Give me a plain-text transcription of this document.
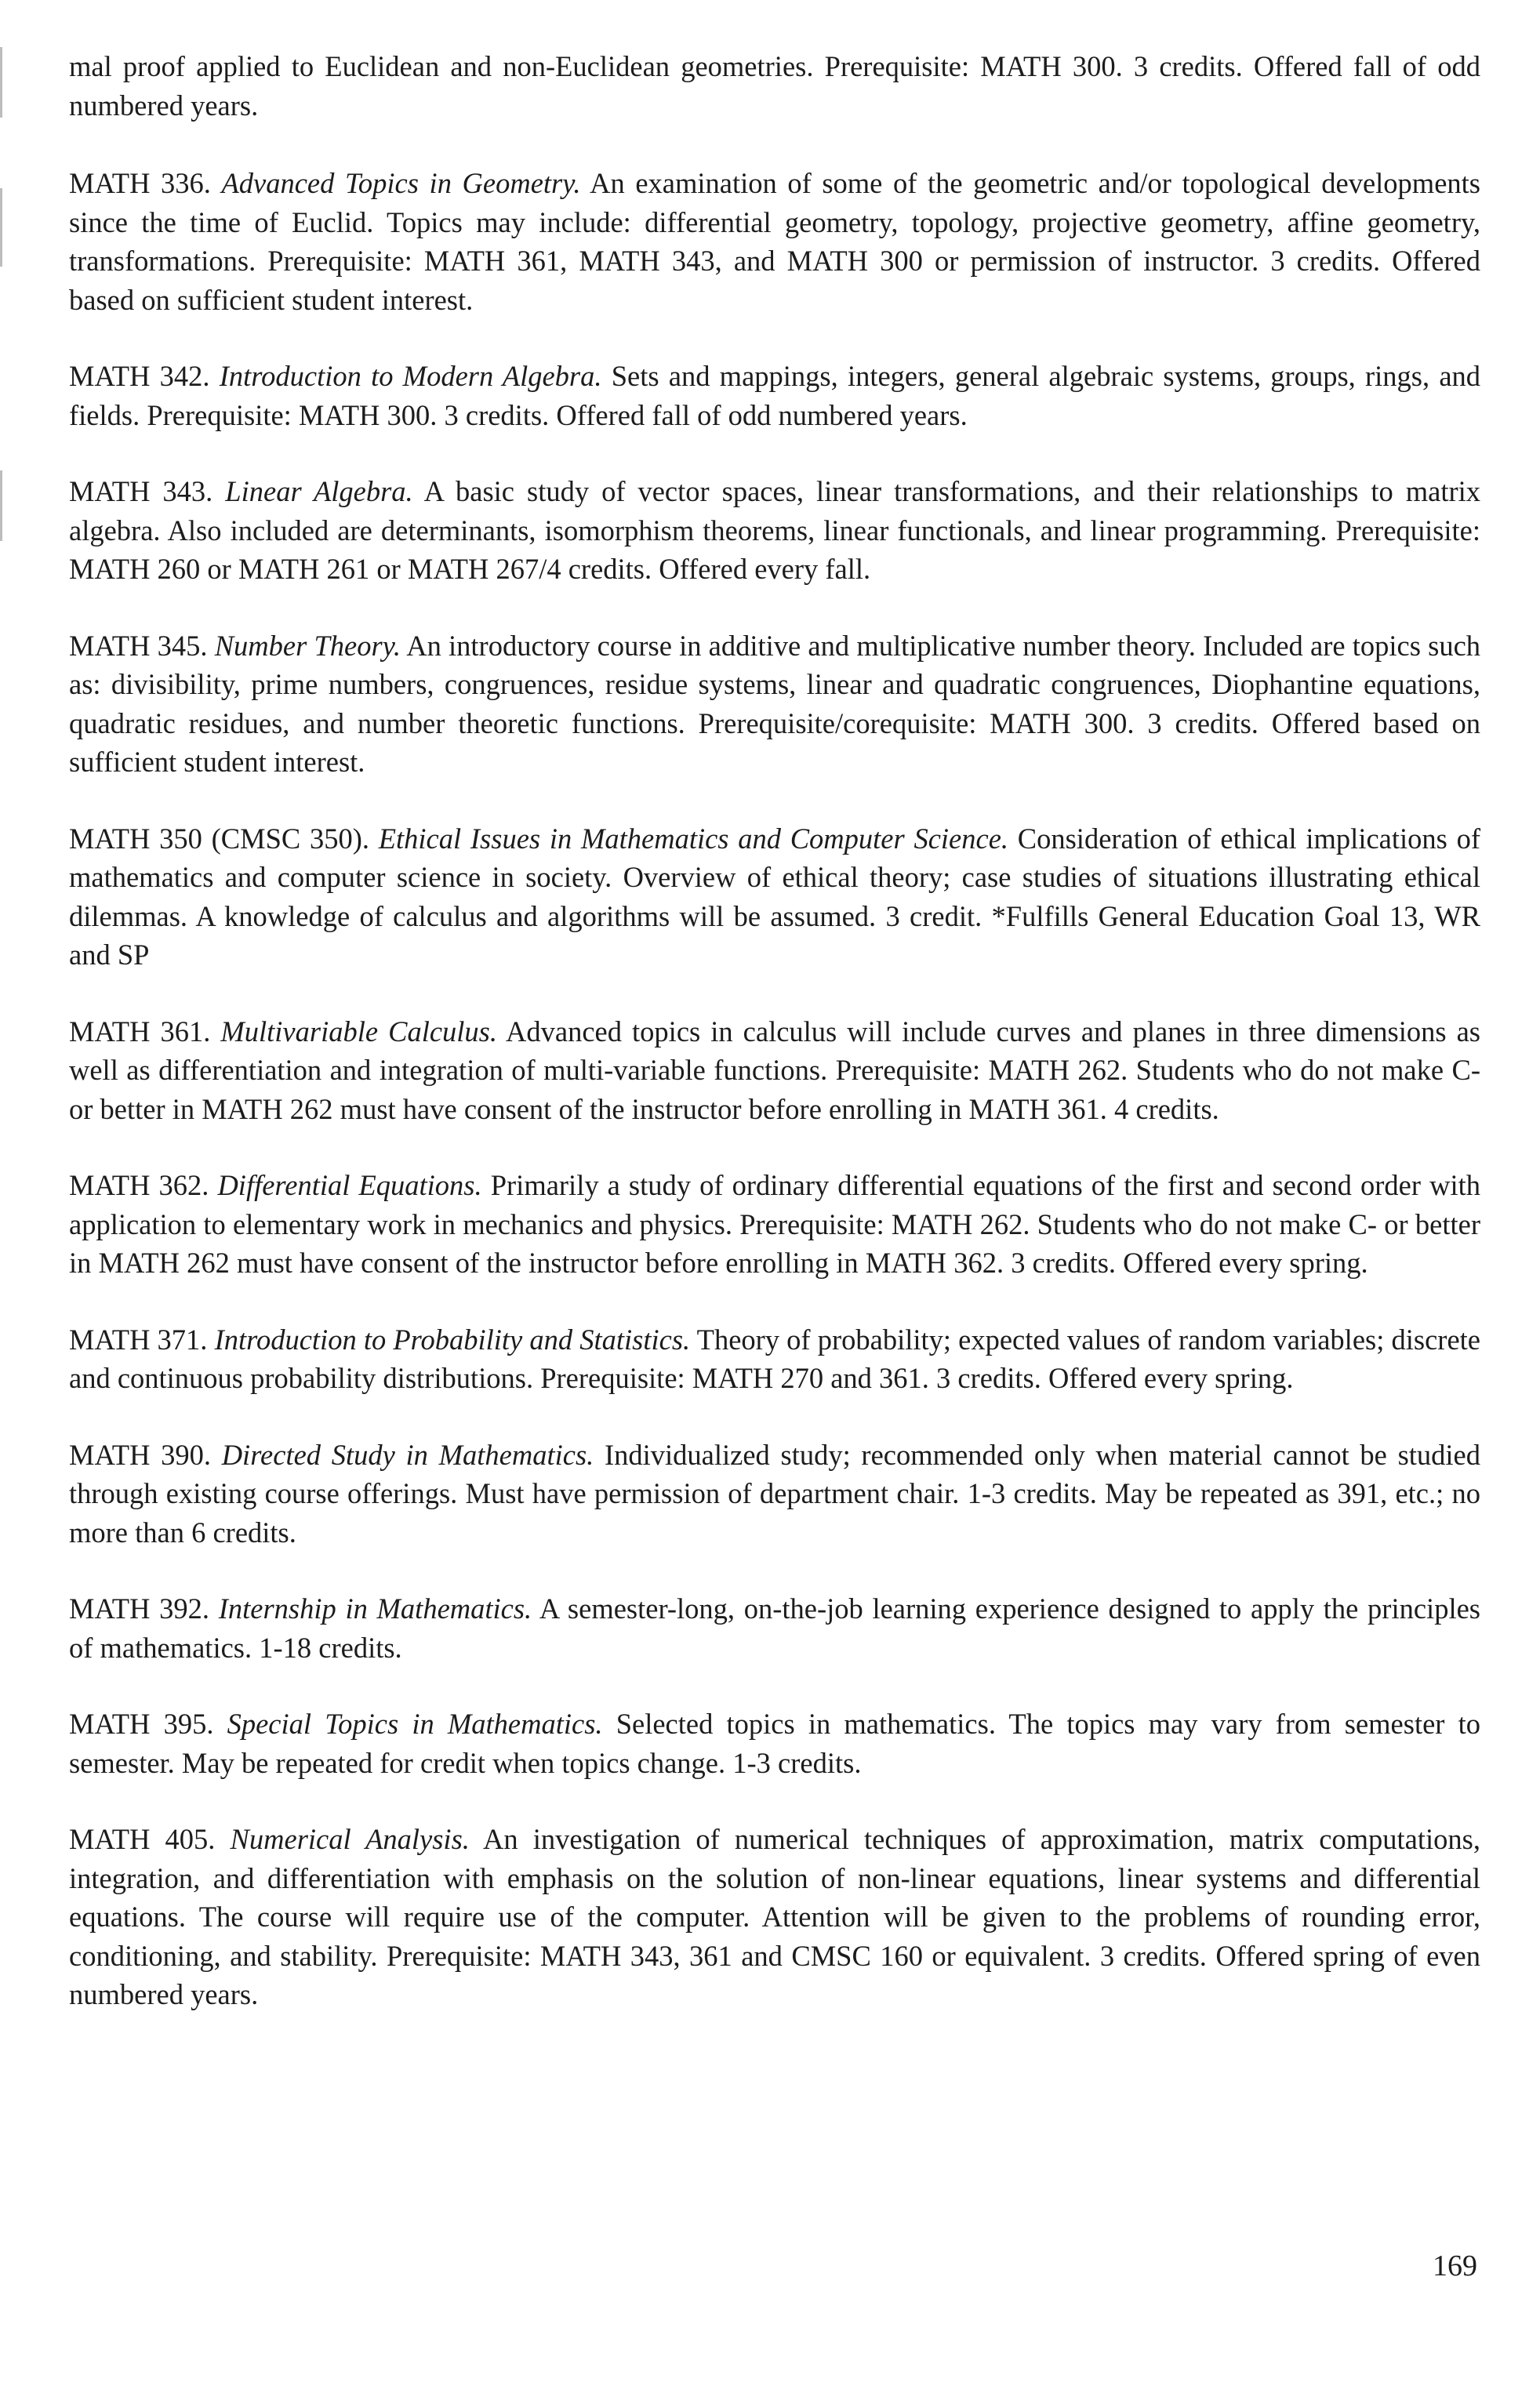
mal proof applied to Euclidean and non-Euclidean geometries. Prerequisite: MATH 300. 3 credits. Offered fall of odd numbered years.

MATH 336. Advanced Topics in Geometry. An examination of some of the geometric and/or topological developments since the time of Euclid. Topics may include: differential geometry, topology, projective geometry, affine geometry, transformations. Prerequisite: MATH 361, MATH 343, and MATH 300 or permission of instructor. 3 credits. Offered based on sufficient student interest.

MATH 342. Introduction to Modern Algebra. Sets and mappings, integers, general algebraic systems, groups, rings, and fields. Prerequisite: MATH 300. 3 credits. Offered fall of odd numbered years.

MATH 343. Linear Algebra. A basic study of vector spaces, linear transformations, and their relationships to matrix algebra. Also included are determinants, isomorphism theorems, linear functionals, and linear programming. Prerequisite: MATH 260 or MATH 261 or MATH 267/4 credits. Offered every fall.

MATH 345. Number Theory. An introductory course in additive and multiplicative number theory. Included are topics such as: divisibility, prime numbers, congruences, residue systems, linear and quadratic congruences, Diophantine equations, quadratic residues, and number theoretic functions. Prerequisite/corequisite: MATH 300. 3 credits. Offered based on sufficient student interest.

MATH 350 (CMSC 350). Ethical Issues in Mathematics and Computer Science. Consideration of ethical implications of mathematics and computer science in society. Overview of ethical theory; case studies of situations illustrating ethical dilemmas. A knowledge of calculus and algorithms will be assumed. 3 credit. *Fulfills General Education Goal 13, WR and SP

MATH 361. Multivariable Calculus. Advanced topics in calculus will include curves and planes in three dimensions as well as differentiation and integration of multi-variable functions. Prerequisite: MATH 262. Students who do not make C- or better in MATH 262 must have consent of the instructor before enrolling in MATH 361. 4 credits.

MATH 362. Differential Equations. Primarily a study of ordinary differential equations of the first and second order with application to elementary work in mechanics and physics. Prerequisite: MATH 262. Students who do not make C- or better in MATH 262 must have consent of the instructor before enrolling in MATH 362. 3 credits. Offered every spring.

MATH 371. Introduction to Probability and Statistics. Theory of probability; expected values of random variables; discrete and continuous probability distributions. Prerequisite: MATH 270 and 361. 3 credits. Offered every spring.

MATH 390. Directed Study in Mathematics. Individualized study; recommended only when material cannot be studied through existing course offerings. Must have permission of department chair. 1-3 credits. May be repeated as 391, etc.; no more than 6 credits.

MATH 392. Internship in Mathematics. A semester-long, on-the-job learning experience designed to apply the principles of mathematics. 1-18 credits.

MATH 395. Special Topics in Mathematics. Selected topics in mathematics. The topics may vary from semester to semester. May be repeated for credit when topics change. 1-3 credits.

MATH 405. Numerical Analysis. An investigation of numerical techniques of approximation, matrix computations, integration, and differentiation with emphasis on the solution of non-linear equations, linear systems and differential equations. The course will require use of the computer. Attention will be given to the problems of rounding error, conditioning, and stability. Prerequisite: MATH 343, 361 and CMSC 160 or equivalent. 3 credits. Offered spring of even numbered years.

169
